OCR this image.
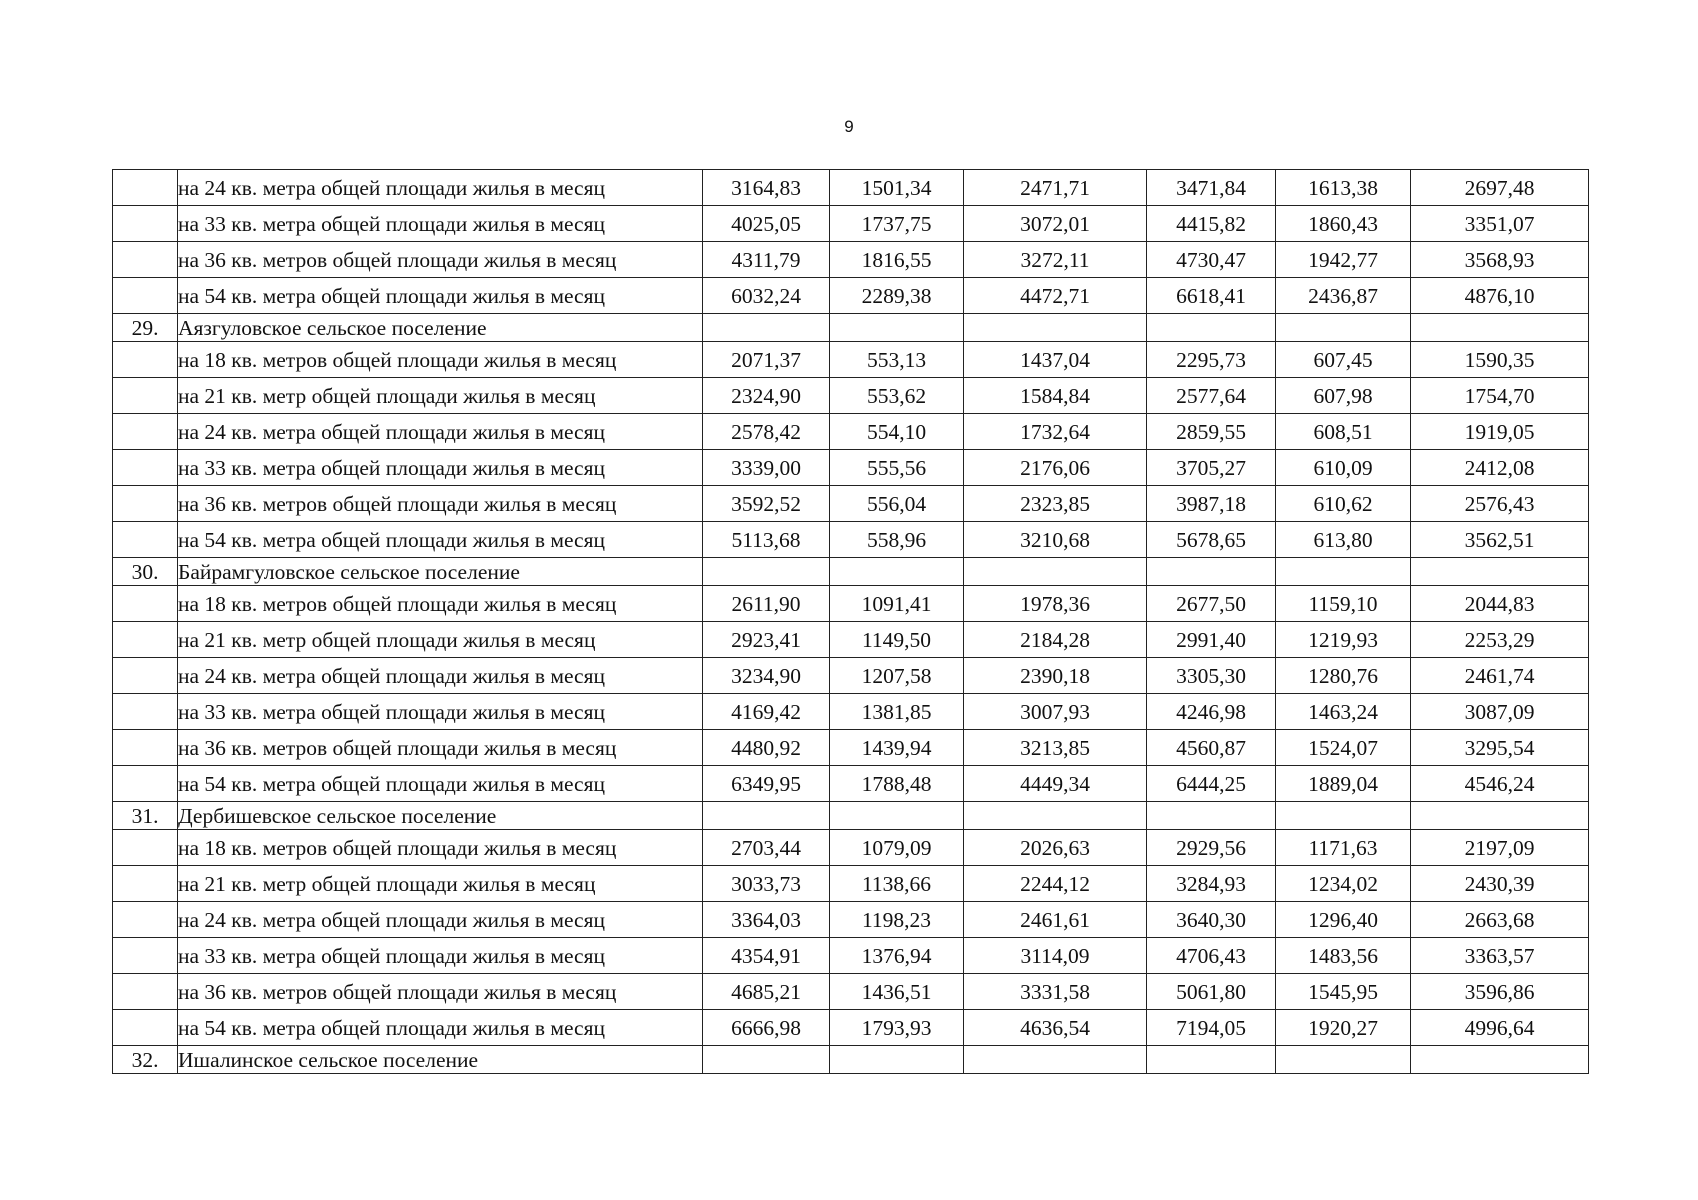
9
	на 24 кв. метра общей площади жилья в месяц	3164,83	1501,34	2471,71	3471,84	1613,38	2697,48
	на 33 кв. метра общей площади жилья в месяц	4025,05	1737,75	3072,01	4415,82	1860,43	3351,07
	на 36 кв. метров общей площади жилья в месяц	4311,79	1816,55	3272,11	4730,47	1942,77	3568,93
	на 54 кв. метра общей площади жилья в месяц	6032,24	2289,38	4472,71	6618,41	2436,87	4876,10
29.	Аязгуловское сельское поселение						
	на 18 кв. метров общей площади жилья в месяц	2071,37	553,13	1437,04	2295,73	607,45	1590,35
	на 21 кв. метр общей площади жилья в месяц	2324,90	553,62	1584,84	2577,64	607,98	1754,70
	на 24 кв. метра общей площади жилья в месяц	2578,42	554,10	1732,64	2859,55	608,51	1919,05
	на 33 кв. метра общей площади жилья в месяц	3339,00	555,56	2176,06	3705,27	610,09	2412,08
	на 36 кв. метров общей площади жилья в месяц	3592,52	556,04	2323,85	3987,18	610,62	2576,43
	на 54 кв. метра общей площади жилья в месяц	5113,68	558,96	3210,68	5678,65	613,80	3562,51
30.	Байрамгуловское сельское поселение						
	на 18 кв. метров общей площади жилья в месяц	2611,90	1091,41	1978,36	2677,50	1159,10	2044,83
	на 21 кв. метр общей площади жилья в месяц	2923,41	1149,50	2184,28	2991,40	1219,93	2253,29
	на 24 кв. метра общей площади жилья в месяц	3234,90	1207,58	2390,18	3305,30	1280,76	2461,74
	на 33 кв. метра общей площади жилья в месяц	4169,42	1381,85	3007,93	4246,98	1463,24	3087,09
	на 36 кв. метров общей площади жилья в месяц	4480,92	1439,94	3213,85	4560,87	1524,07	3295,54
	на 54 кв. метра общей площади жилья в месяц	6349,95	1788,48	4449,34	6444,25	1889,04	4546,24
31.	Дербишевское сельское поселение						
	на 18 кв. метров общей площади жилья в месяц	2703,44	1079,09	2026,63	2929,56	1171,63	2197,09
	на 21 кв. метр общей площади жилья в месяц	3033,73	1138,66	2244,12	3284,93	1234,02	2430,39
	на 24 кв. метра общей площади жилья в месяц	3364,03	1198,23	2461,61	3640,30	1296,40	2663,68
	на 33 кв. метра общей площади жилья в месяц	4354,91	1376,94	3114,09	4706,43	1483,56	3363,57
	на 36 кв. метров общей площади жилья в месяц	4685,21	1436,51	3331,58	5061,80	1545,95	3596,86
	на 54 кв. метра общей площади жилья в месяц	6666,98	1793,93	4636,54	7194,05	1920,27	4996,64
32.	Ишалинское сельское поселение						
